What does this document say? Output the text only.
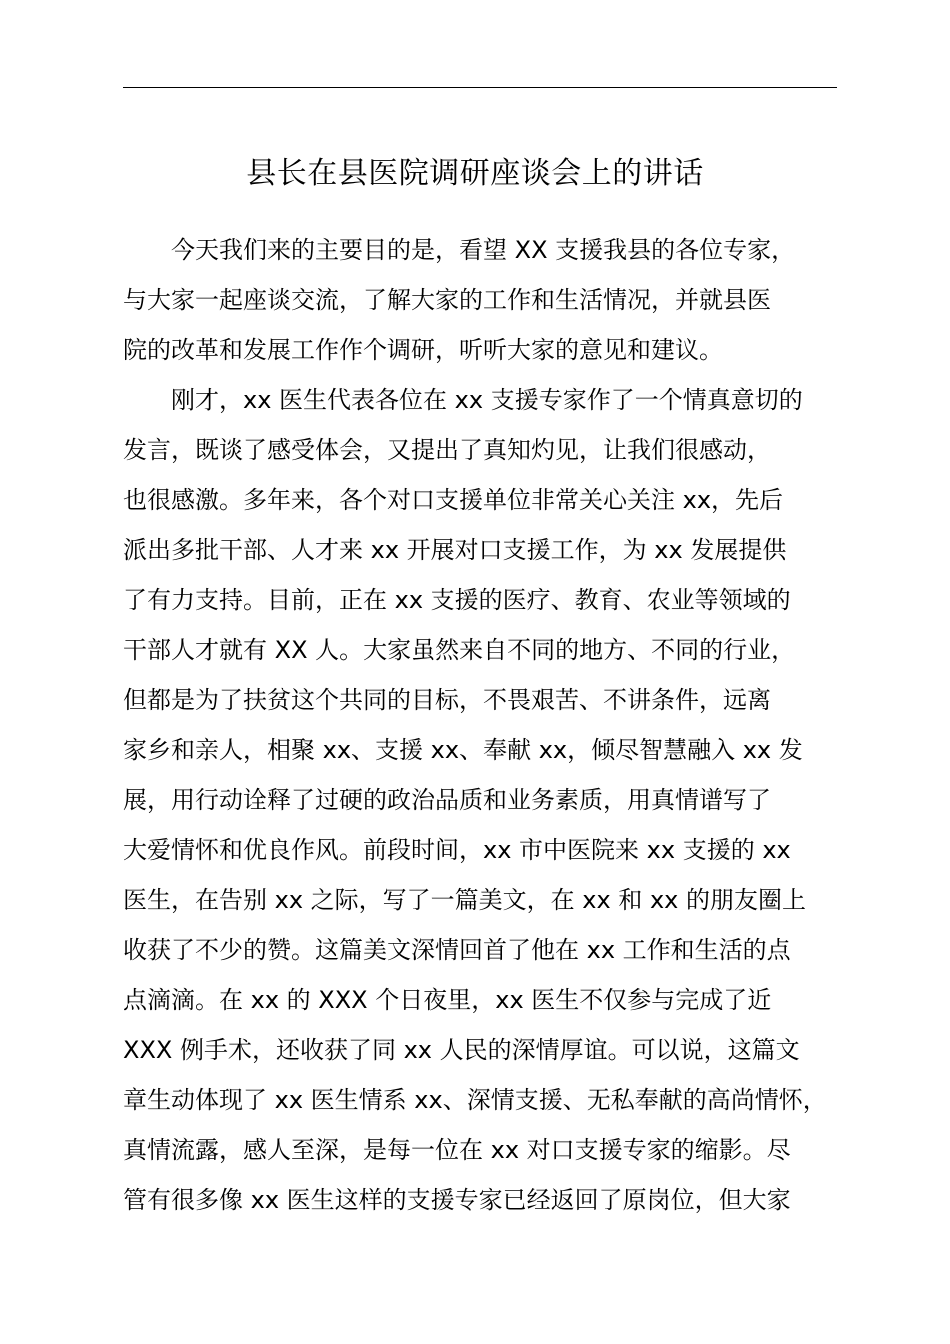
县长在县医院调研座谈会上的讲话
今天我们来的主要目的是，看望 XX 支援我县的各位专家，
与大家一起座谈交流，了解大家的工作和生活情况，并就县医
院的改革和发展工作作个调研，听听大家的意见和建议。
刚才，xx 医生代表各位在 xx 支援专家作了一个情真意切的
发言，既谈了感受体会，又提出了真知灼见，让我们很感动，
也很感激。多年来，各个对口支援单位非常关心关注 xx，先后
派出多批干部、人才来 xx 开展对口支援工作，为 xx 发展提供
了有力支持。目前，正在 xx 支援的医疗、教育、农业等领域的
干部人才就有 XX 人。大家虽然来自不同的地方、不同的行业，
但都是为了扶贫这个共同的目标，不畏艰苦、不讲条件，远离
家乡和亲人，相聚 xx、支援 xx、奉献 xx，倾尽智慧融入 xx 发
展，用行动诠释了过硬的政治品质和业务素质，用真情谱写了
大爱情怀和优良作风。前段时间，xx 市中医院来 xx 支援的 xx
医生，在告别 xx 之际，写了一篇美文，在 xx 和 xx 的朋友圈上
收获了不少的赞。这篇美文深情回首了他在 xx 工作和生活的点
点滴滴。在 xx 的 XXX 个日夜里，xx 医生不仅参与完成了近
XXX 例手术，还收获了同 xx 人民的深情厚谊。可以说，这篇文
章生动体现了 xx 医生情系 xx、深情支援、无私奉献的高尚情怀，
真情流露，感人至深，是每一位在 xx 对口支援专家的缩影。尽
管有很多像 xx 医生这样的支援专家已经返回了原岗位，但大家
